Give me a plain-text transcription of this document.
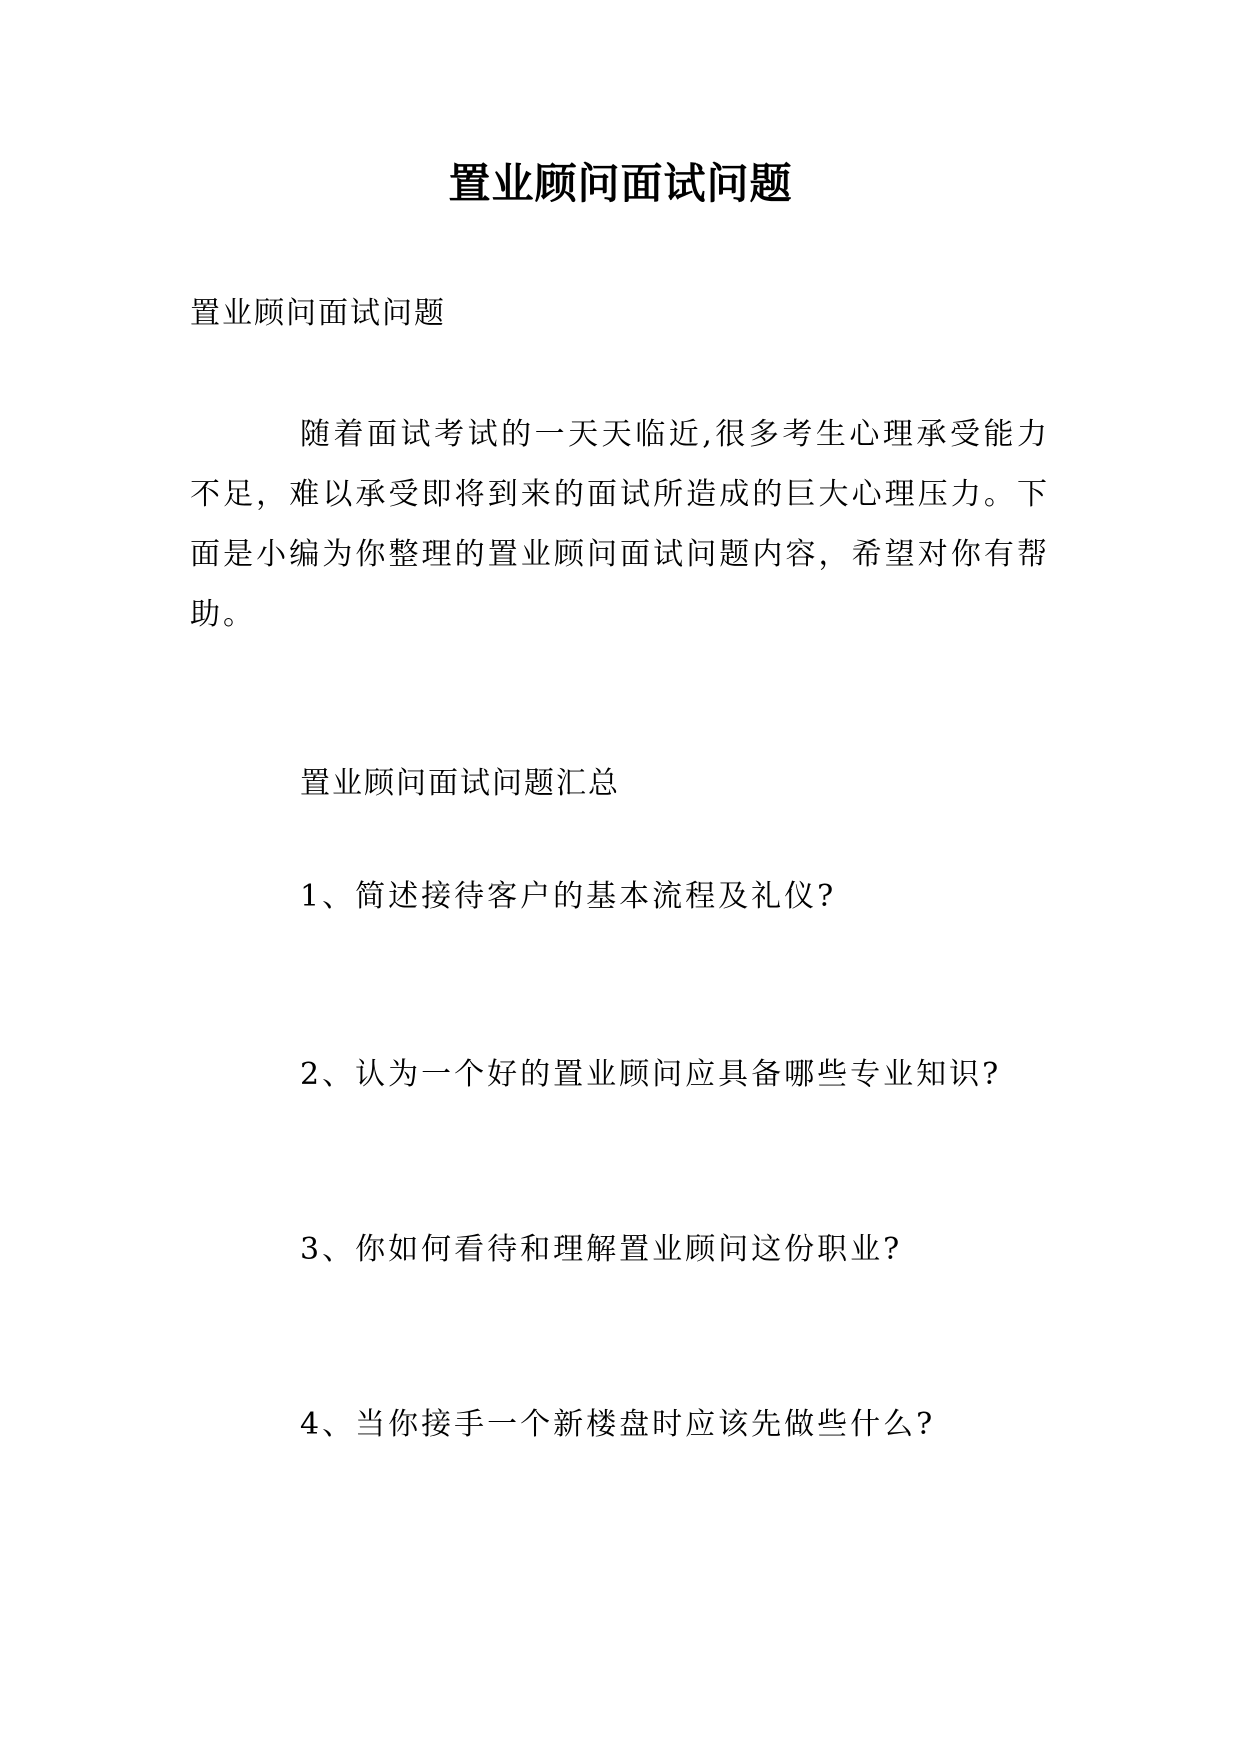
置业顾问面试问题
置业顾问面试问题

随着面试考试的一天天临近,很多考生心理承受能力不足，难以承受即将到来的面试所造成的巨大心理压力。下面是小编为你整理的置业顾问面试问题内容，希望对你有帮助。

置业顾问面试问题汇总
1、简述接待客户的基本流程及礼仪?
2、认为一个好的置业顾问应具备哪些专业知识?
3、你如何看待和理解置业顾问这份职业?
4、当你接手一个新楼盘时应该先做些什么?
